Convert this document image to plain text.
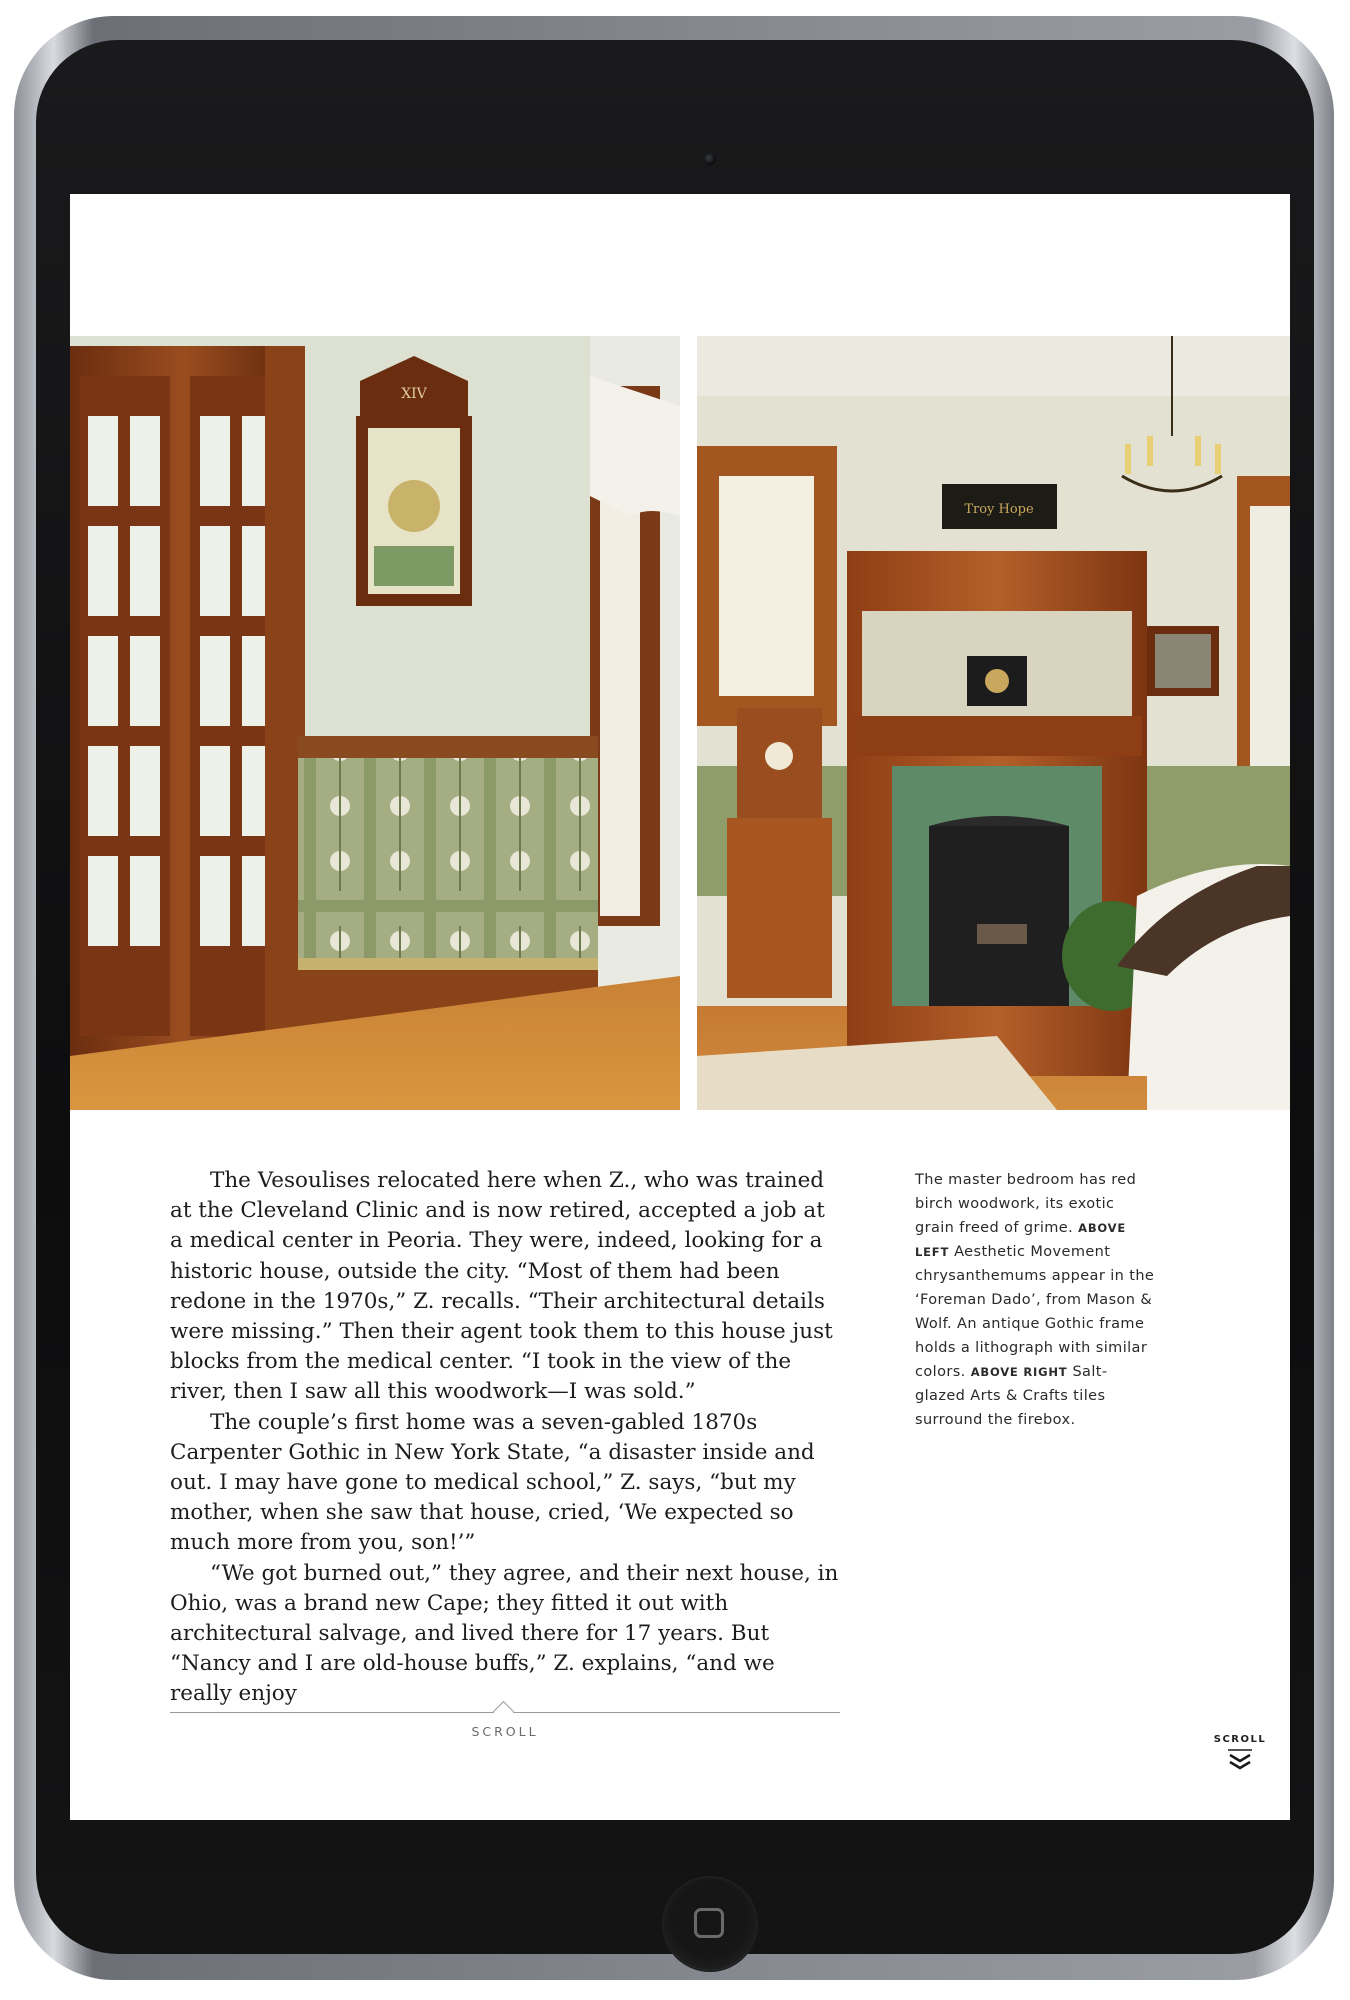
XIV
Troy Hope

The Vesoulises relocated here when Z., who was trained at the Cleveland Clinic and is now retired, accepted a job at a medical center in Peoria. They were, indeed, looking for a historic house, outside the city. “Most of them had been redone in the 1970s,” Z. recalls. “Their architectural details were missing.” Then their agent took them to this house just blocks from the medical center. “I took in the view of the river, then I saw all this woodwork—I was sold.”

The couple’s first home was a seven-gabled 1870s Carpenter Gothic in New York State, “a disaster inside and out. I may have gone to medical school,” Z. says, “but my mother, when she saw that house, cried, ‘We expected so much more from you, son!’”

“We got burned out,” they agree, and their next house, in Ohio, was a brand new Cape; they fitted it out with architectural salvage, and lived there for 17 years. But “Nancy and I are old-house buffs,” Z. explains, “and we really enjoy

The master bedroom has red birch woodwork, its exotic grain freed of grime. ABOVE LEFT Aesthetic Movement chrysanthemums appear in the ‘Foreman Dado’, from Mason & Wolf. An antique Gothic frame holds a lithograph with similar colors. ABOVE RIGHT Salt-glazed Arts & Crafts tiles surround the firebox.
SCROLL
SCROLL
